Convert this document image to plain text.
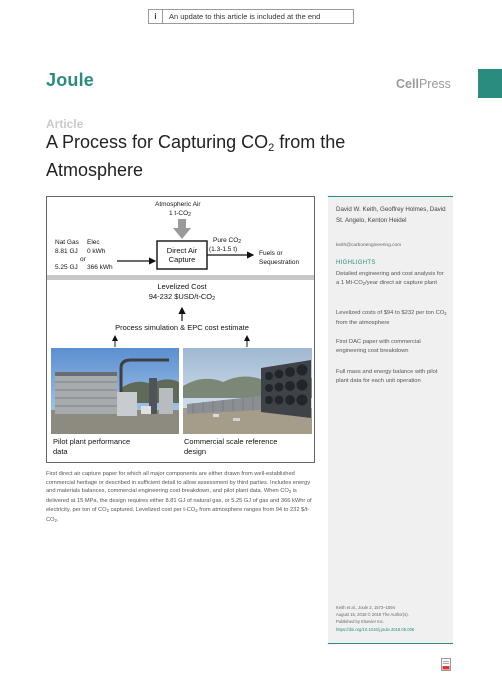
i	An update to this article is included at the end
Joule	CellPress
Article
A Process for Capturing $CO_2$ from the
Atmosphere
Atmospheric Air
1 $t-CO_2$
Nat Gas Elec
8.81 GJ 0 kWh
or
5.25 GJ 366 kWh
Direct Air
Capture
Pure $CO_2$
(1.3-1.5 t)
Fuels or
Sequestration
Levelized Cost
94-232 $\$USD/t-CO_2$
Process simulation & EPC cost estimate
Pilot plant performance
data
Commercial scale reference
design

First direct air capture paper for which all major components are either drawn from well-established commercial heritage or described in sufficient detail to allow assessment by third parties. Includes energy and materials balances, commercial engineering cost breakdown, and pilot plant data. When $CO_2$ is delivered at 15 MPa, the design requires either 8.81 GJ of natural gas, or 5.25 GJ of gas and 366 kWhr of electricity, per ton of $CO_2$ captured. Levelized cost per $t-CO_2$ from atmosphere ranges from 94 to 232 $\$/t-CO_2$.

David W. Keith, Geoffrey Holmes, David St. Angelo, Kenton Heidel
keith@carbonengineering.com
HIGHLIGHTS
Detailed engineering and cost analysis for a 1 $Mt-CO_2$/year direct air capture plant
Levelized costs of $94 to $232 per ton $CO_2$ from the atmosphere
First DAC paper with commercial engineering cost breakdown
Full mass and energy balance with pilot plant data for each unit operation
Keith et al., Joule 2, 1573–1594
August 15, 2018 © 2018 The Author(s).
Published by Elsevier Inc.
https://doi.org/10.1016/j.joule.2018.05.006
